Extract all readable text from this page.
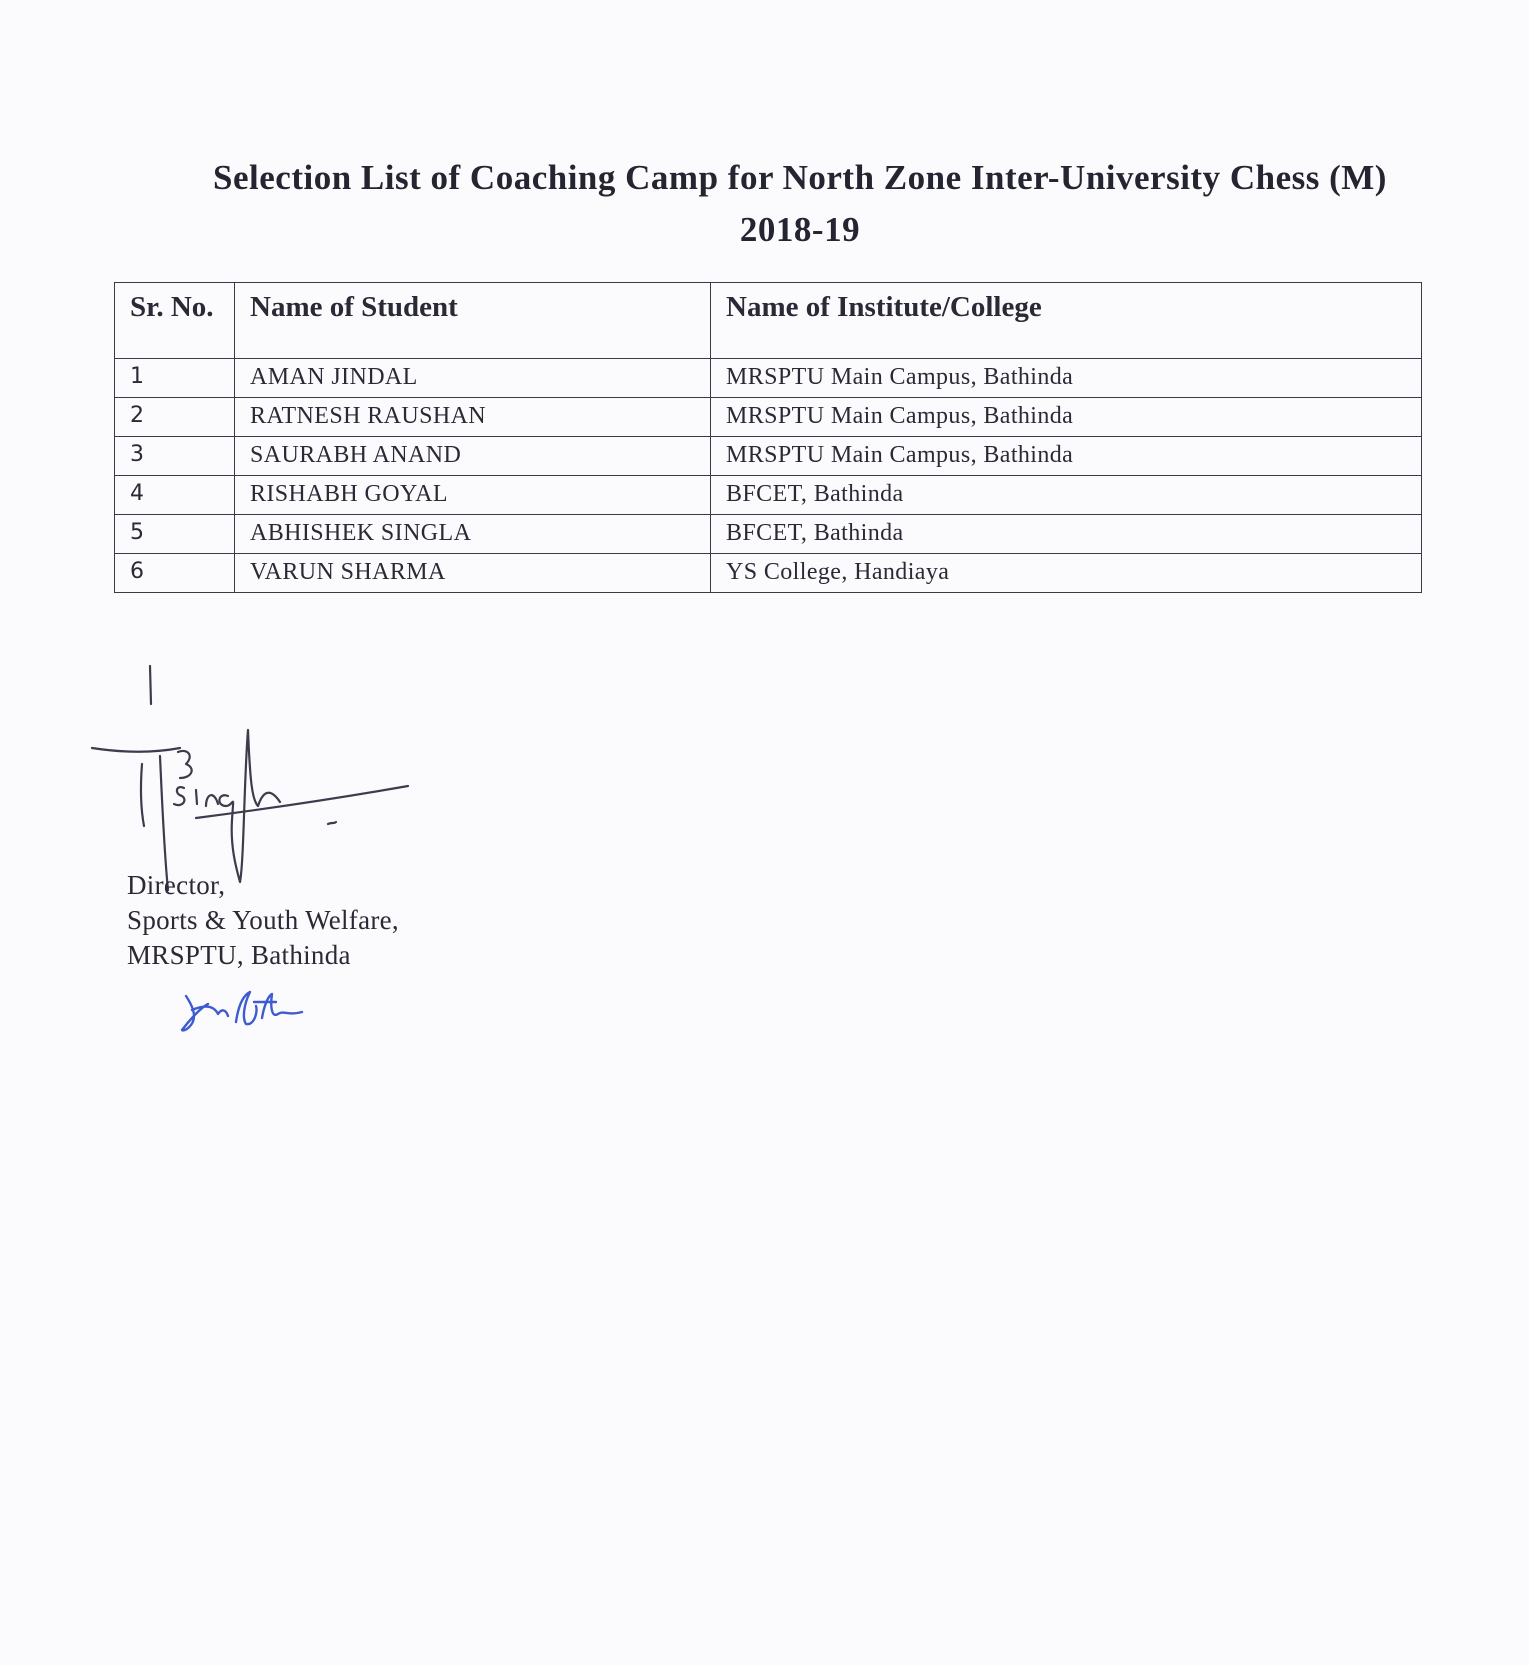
Selection List of Coaching Camp for North Zone Inter-University Chess (M)
2018-19
Sr. No.	Name of Student	Name of Institute/College
1	AMAN JINDAL	MRSPTU Main Campus, Bathinda
2	RATNESH RAUSHAN	MRSPTU Main Campus, Bathinda
3	SAURABH ANAND	MRSPTU Main Campus, Bathinda
4	RISHABH GOYAL	BFCET, Bathinda
5	ABHISHEK SINGLA	BFCET, Bathinda
6	VARUN SHARMA	YS College, Handiaya
Director,
Sports & Youth Welfare,
MRSPTU, Bathinda
